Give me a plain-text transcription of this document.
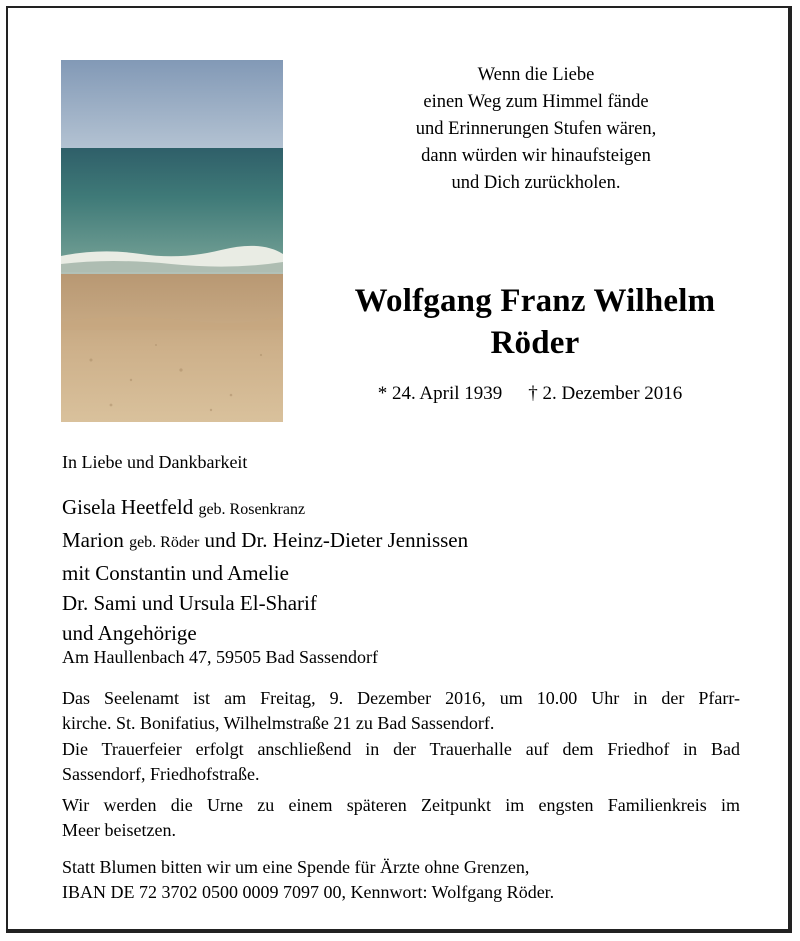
Wenn die Liebe
einen Weg zum Himmel fände
und Erinnerungen Stufen wären,
dann würden wir hinaufsteigen
und Dich zurückholen.
Wolfgang Franz Wilhelm
Röder
* 24. April 1939 † 2. Dezember 2016
In Liebe und Dankbarkeit
Gisela Heetfeld geb. Rosenkranz
Marion geb. Röder und Dr. Heinz-Dieter Jennissen
mit Constantin und Amelie
Dr. Sami und Ursula El-Sharif
und Angehörige
Am Haullenbach 47, 59505 Bad Sassendorf
Das Seelenamt ist am Freitag, 9. Dezember 2016, um 10.00 Uhr in der Pfarr-
kirche. St. Bonifatius, Wilhelmstraße 21 zu Bad Sassendorf.
Die Trauerfeier erfolgt anschließend in der Trauerhalle auf dem Friedhof in Bad
Sassendorf, Friedhofstraße.
Wir werden die Urne zu einem späteren Zeitpunkt im engsten Familienkreis im
Meer beisetzen.
Statt Blumen bitten wir um eine Spende für Ärzte ohne Grenzen,
IBAN DE 72 3702 0500 0009 7097 00, Kennwort: Wolfgang Röder.
